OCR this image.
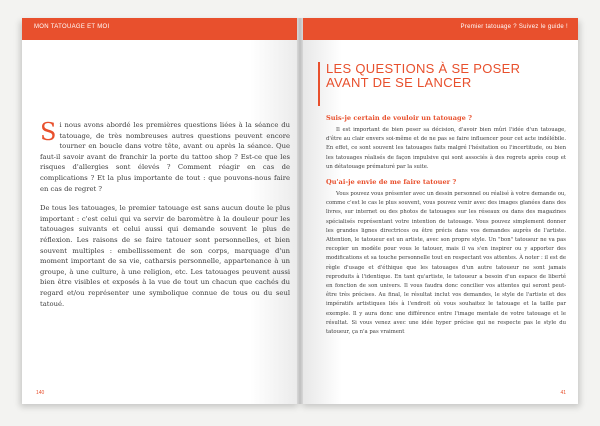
MON TATOUAGE ET MOI

Si nous avons abordé les premières questions liées à la séance du tatouage, de très nombreuses autres questions peuvent encore tourner en boucle dans votre tête, avant ou après la séance. Que faut-il savoir avant de franchir la porte du tattoo shop ? Est-ce que les risques d'allergies sont élevés ? Comment réagir en cas de complications ? Et la plus importante de tout : que pouvons-nous faire en cas de regret ?

De tous les tatouages, le premier tatouage est sans aucun doute le plus important : c'est celui qui va servir de baromètre à la douleur pour les tatouages suivants et celui aussi qui demande souvent le plus de réflexion. Les raisons de se faire tatouer sont personnelles, et bien souvent multiples : embellissement de son corps, marquage d'un moment important de sa vie, catharsis personnelle, appartenance à un groupe, à une culture, à une religion, etc. Les tatouages peuvent aussi bien être visibles et exposés à la vue de tout un chacun que cachés du regard et/ou représenter une symbolique connue de tous ou du seul tatoué.

140
Premier tatouage ? Suivez le guide !
LES QUESTIONS À SE POSER AVANT DE SE LANCER
Suis-je certain de vouloir un tatouage ?

Il est important de bien peser sa décision, d'avoir bien mûri l'idée d'un tatouage, d'être au clair envers soi-même et de ne pas se faire influencer pour cet acte indélébile. En effet, ce sont souvent les tatouages faits malgré l'hésitation ou l'incertitude, ou bien les tatouages réalisés de façon impulsive qui sont associés à des regrets après coup et un détatouage prématuré par la suite.

Qu'ai-je envie de me faire tatouer ?

Vous pouvez vous présenter avec un dessin personnel ou réalisé à votre demande ou, comme c'est le cas le plus souvent, vous pouvez venir avec des images glanées dans des livres, sur internet ou des photos de tatouages sur les réseaux ou dans des magazines spécialisés représentant votre intention de tatouage. Vous pouvez simplement donner les grandes lignes directrices ou être précis dans vos demandes auprès de l'artiste. Attention, le tatoueur est un artiste, avec son propre style. Un "bon" tatoueur ne va pas recopier un modèle pour vous le tatouer, mais il va s'en inspirer ou y apporter des modifications et sa touche personnelle tout en respectant vos attentes. À noter : il est de règle d'usage et d'éthique que les tatouages d'un autre tatoueur ne sont jamais reproduits à l'identique. En tant qu'artiste, le tatoueur a besoin d'un espace de liberté en fonction de son univers. Il vous faudra donc concilier vos attentes qui seront peut-être très précises. Au final, le résultat inclut vos demandes, le style de l'artiste et des impératifs artistiques liés à l'endroit où vous souhaitez le tatouage et la taille par exemple. Il y aura donc une différence entre l'image mentale de votre tatouage et le résultat. Si vous venez avec une idée hyper précise qui ne respecte pas le style du tatoueur, ça n'a pas vraiment

41
